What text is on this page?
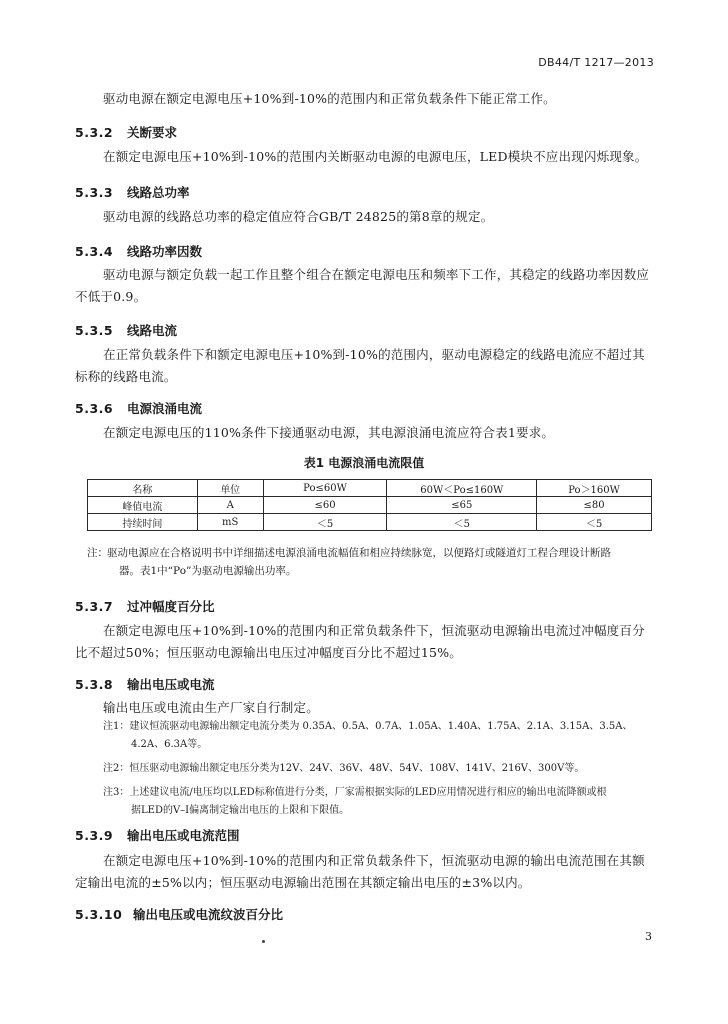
DB44/T 1217—2013
驱动电源在额定电源电压+10%到-10%的范围内和正常负载条件下能正常工作。
5.3.2 关断要求
在额定电源电压+10%到-10%的范围内关断驱动电源的电源电压，LED模块不应出现闪烁现象。
5.3.3 线路总功率
驱动电源的线路总功率的稳定值应符合GB/T 24825的第8章的规定。
5.3.4 线路功率因数
驱动电源与额定负载一起工作且整个组合在额定电源电压和频率下工作，其稳定的线路功率因数应不低于0.9。
5.3.5 线路电流
在正常负载条件下和额定电源电压+10%到-10%的范围内，驱动电源稳定的线路电流应不超过其标称的线路电流。
5.3.6 电源浪涌电流
在额定电源电压的110%条件下接通驱动电源，其电源浪涌电流应符合表1要求。
表1 电源浪涌电流限值
名称	单位	Po≤60W	60W＜Po≤160W	Po＞160W
峰值电流	A	≤60	≤65	≤80
持续时间	mS	＜5	＜5	＜5
注：驱动电源应在合格说明书中详细描述电源浪涌电流幅值和相应持续脉宽，以便路灯或隧道灯工程合理设计断路
器。表1中“Po”为驱动电源输出功率。
5.3.7 过冲幅度百分比
在额定电源电压+10%到-10%的范围内和正常负载条件下，恒流驱动电源输出电流过冲幅度百分比不超过50%；恒压驱动电源输出电压过冲幅度百分比不超过15%。
5.3.8 输出电压或电流
输出电压或电流由生产厂家自行制定。
注1：建议恒流驱动电源输出额定电流分类为 0.35A、0.5A、0.7A、1.05A、1.40A、1.75A、2.1A、3.15A、3.5A、
4.2A、6.3A等。
注2：恒压驱动电源输出额定电压分类为12V、24V、36V、48V、54V、108V、141V、216V、300V等。
注3：上述建议电流/电压均以LED标称值进行分类，厂家需根据实际的LED应用情况进行相应的输出电流降额或根
据LED的V–I偏离制定输出电压的上限和下限值。
5.3.9 输出电压或电流范围
在额定电源电压+10%到-10%的范围内和正常负载条件下，恒流驱动电源的输出电流范围在其额定输出电流的±5%以内；恒压驱动电源输出范围在其额定输出电压的±3%以内。
5.3.10 输出电压或电流纹波百分比
3
